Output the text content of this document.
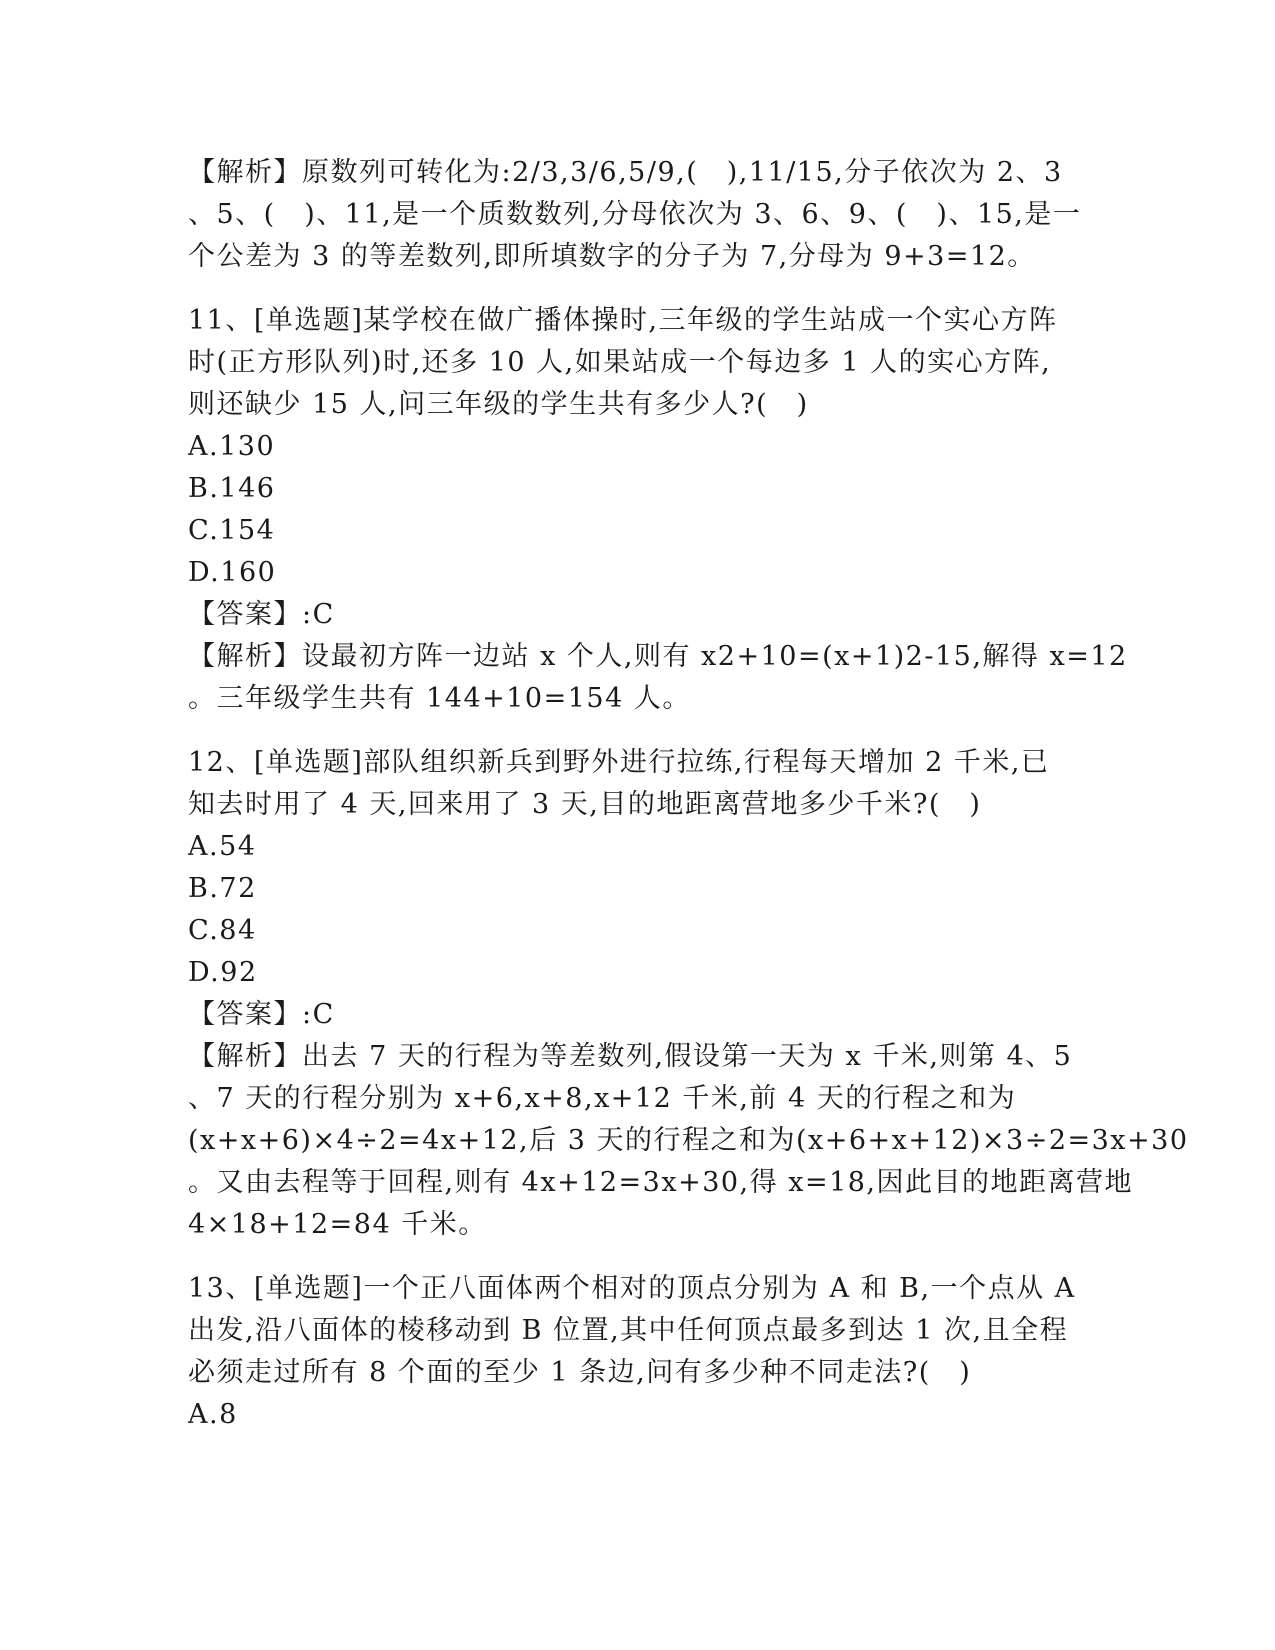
【解析】原数列可转化为:2/3,3/6,5/9,(　),11/15,分子依次为 2、3
、5、(　)、11,是一个质数数列,分母依次为 3、6、9、(　)、15,是一
个公差为 3 的等差数列,即所填数字的分子为 7,分母为 9+3=12。
11、[单选题]某学校在做广播体操时,三年级的学生站成一个实心方阵
时(正方形队列)时,还多 10 人,如果站成一个每边多 1 人的实心方阵,
则还缺少 15 人,问三年级的学生共有多少人?(　)
A.130
B.146
C.154
D.160
【答案】:C
【解析】设最初方阵一边站 x 个人,则有 x2+10=(x+1)2-15,解得 x=12
。三年级学生共有 144+10=154 人。
12、[单选题]部队组织新兵到野外进行拉练,行程每天增加 2 千米,已
知去时用了 4 天,回来用了 3 天,目的地距离营地多少千米?(　)
A.54
B.72
C.84
D.92
【答案】:C
【解析】出去 7 天的行程为等差数列,假设第一天为 x 千米,则第 4、5
、7 天的行程分别为 x+6,x+8,x+12 千米,前 4 天的行程之和为
(x+x+6)×4÷2=4x+12,后 3 天的行程之和为(x+6+x+12)×3÷2=3x+30
。又由去程等于回程,则有 4x+12=3x+30,得 x=18,因此目的地距离营地
4×18+12=84 千米。
13、[单选题]一个正八面体两个相对的顶点分别为 A 和 B,一个点从 A
出发,沿八面体的棱移动到 B 位置,其中任何顶点最多到达 1 次,且全程
必须走过所有 8 个面的至少 1 条边,问有多少种不同走法?(　)
A.8
